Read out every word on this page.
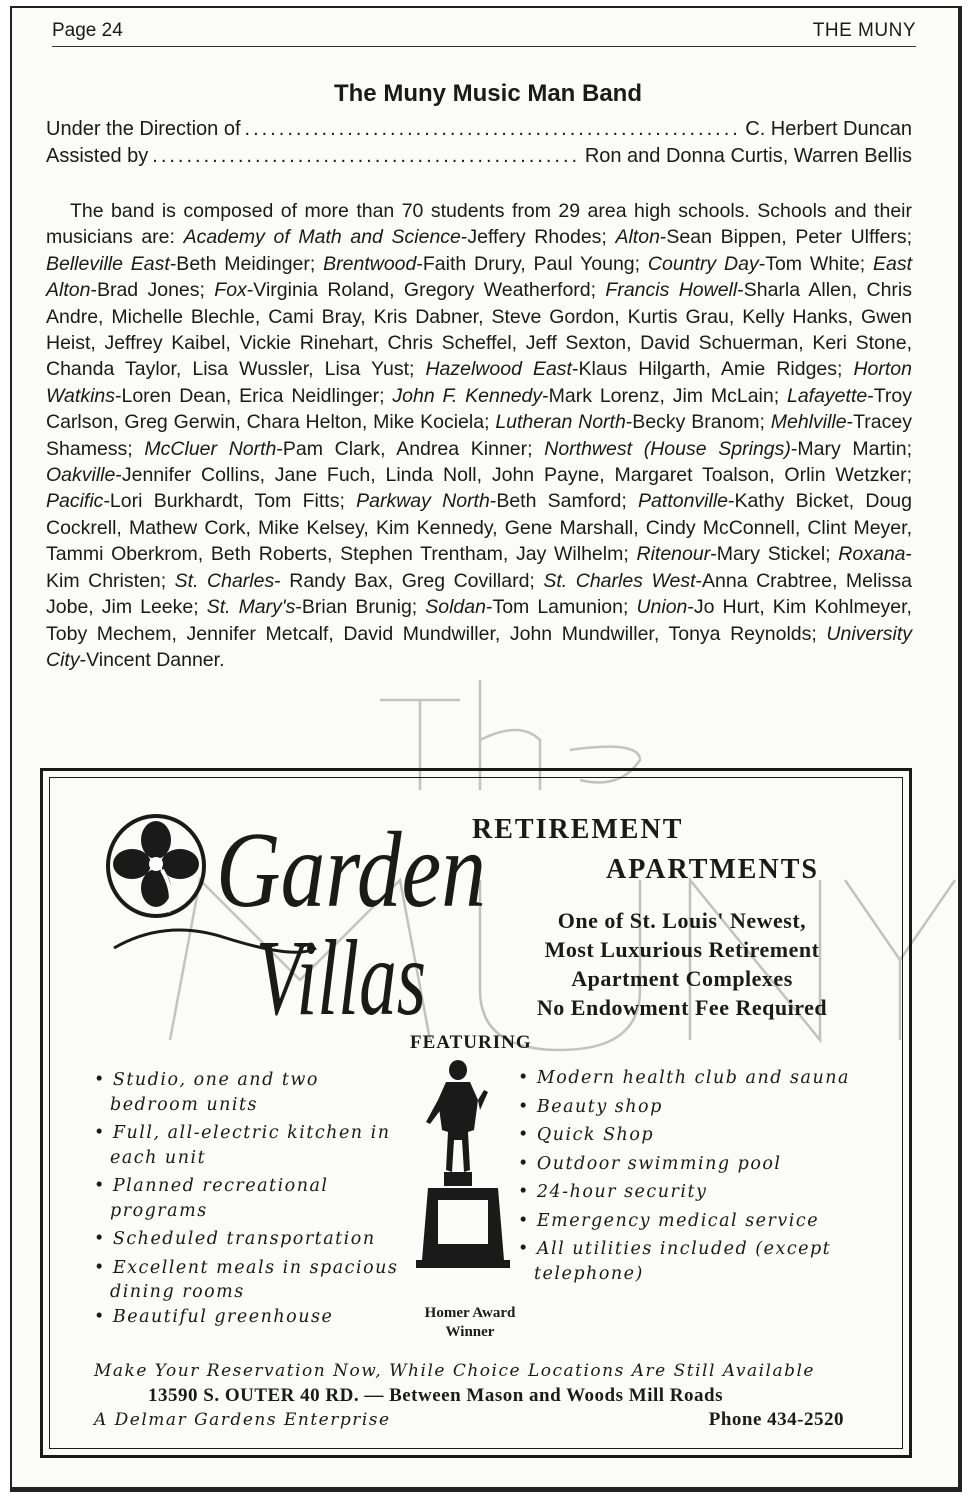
Page 24	THE MUNY
The Muny Music Man Band
Under the Direction of .....	C. Herbert Duncan
Assisted by .....	Ron and Donna Curtis, Warren Bellis

The band is composed of more than 70 students from 29 area high schools. Schools and their musicians are: Academy of Math and Science-Jeffery Rhodes; Alton-Sean Bippen, Peter Ulffers; Belleville East-Beth Meidinger; Brentwood-Faith Drury, Paul Young; Country Day-Tom White; East Alton-Brad Jones; Fox-Virginia Roland, Gregory Weatherford; Francis Howell-Sharla Allen, Chris Andre, Michelle Blechle, Cami Bray, Kris Dabner, Steve Gordon, Kurtis Grau, Kelly Hanks, Gwen Heist, Jeffrey Kaibel, Vickie Rinehart, Chris Scheffel, Jeff Sexton, David Schuerman, Keri Stone, Chanda Taylor, Lisa Wussler, Lisa Yust; Hazelwood East-Klaus Hilgarth, Amie Ridges; Horton Watkins-Loren Dean, Erica Neidlinger; John F. Kennedy-Mark Lorenz, Jim McLain; Lafayette-Troy Carlson, Greg Gerwin, Chara Helton, Mike Kociela; Lutheran North-Becky Branom; Mehlville-Tracey Shamess; McCluer North-Pam Clark, Andrea Kinner; Northwest (House Springs)-Mary Martin; Oakville-Jennifer Collins, Jane Fuch, Linda Noll, John Payne, Margaret Toalson, Orlin Wetzker; Pacific-Lori Burkhardt, Tom Fitts; Parkway North-Beth Samford; Pattonville-Kathy Bicket, Doug Cockrell, Mathew Cork, Mike Kelsey, Kim Kennedy, Gene Marshall, Cindy McConnell, Clint Meyer, Tammi Oberkrom, Beth Roberts, Stephen Trentham, Jay Wilhelm; Ritenour-Mary Stickel; Roxana-Kim Christen; St. Charles- Randy Bax, Greg Covillard; St. Charles West-Anna Crabtree, Melissa Jobe, Jim Leeke; St. Mary's-Brian Brunig; Soldan-Tom Lamunion; Union-Jo Hurt, Kim Kohlmeyer, Toby Mechem, Jennifer Metcalf, David Mundwiller, John Mundwiller, Tonya Reynolds; University City-Vincent Danner.

Garden
Villas
RETIREMENT
APARTMENTS
One of St. Louis' Newest,
Most Luxurious Retirement
Apartment Complexes
No Endowment Fee Required
FEATURING
• Studio, one and two bedroom units
• Full, all-electric kitchen in each unit
• Planned recreational programs
• Scheduled transportation
• Excellent meals in spacious dining rooms
• Beautiful greenhouse	Homer Award
Winner
• Modern health club and sauna
• Beauty shop
• Quick Shop
• Outdoor swimming pool
• 24-hour security
• Emergency medical service
• All utilities included (except telephone)
Make Your Reservation Now, While Choice Locations Are Still Available
13590 S. OUTER 40 RD. — Between Mason and Woods Mill Roads
A Delmar Gardens Enterprise	Phone 434-2520
